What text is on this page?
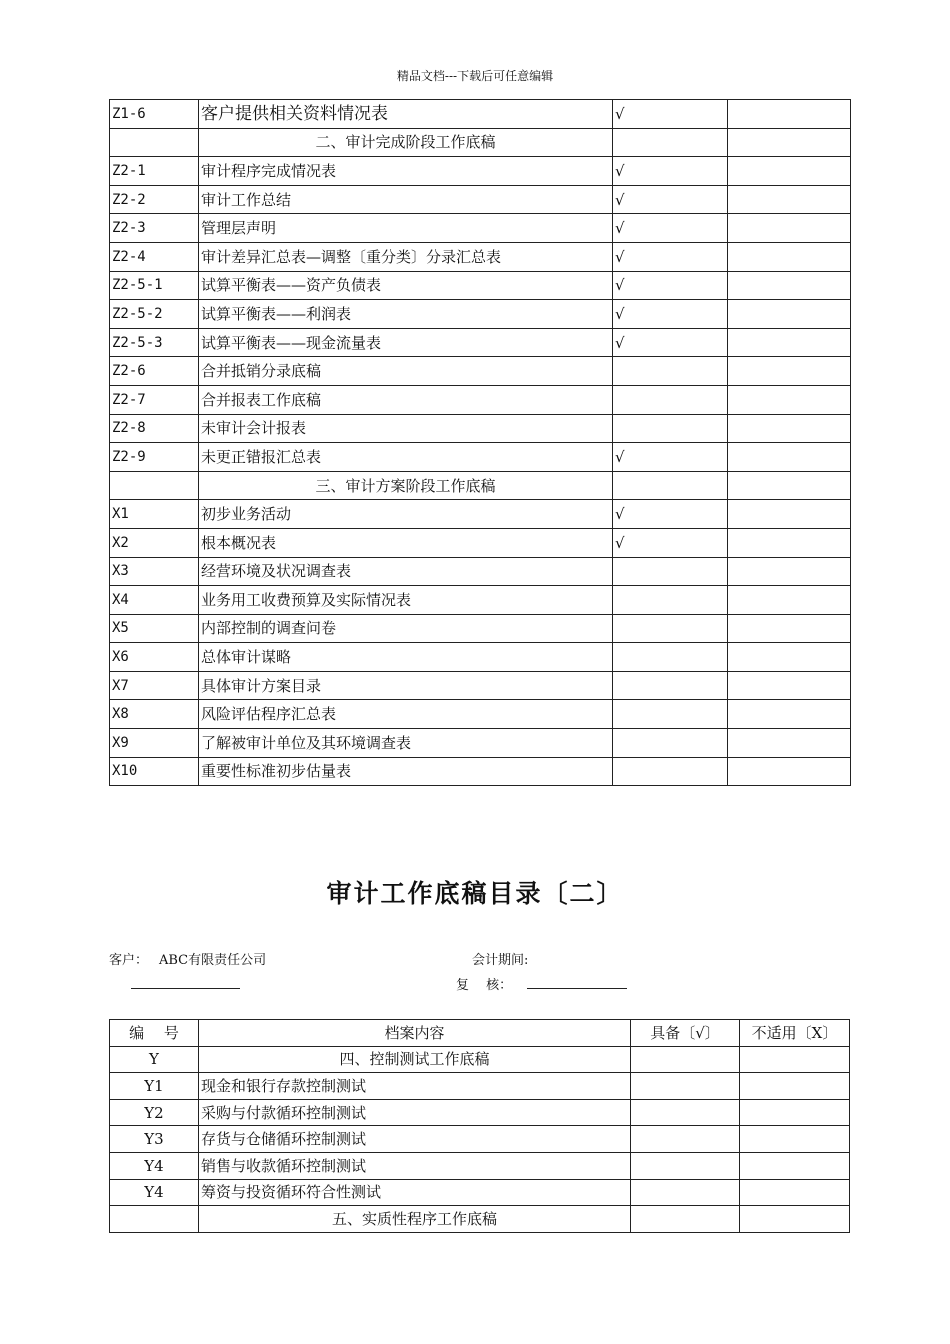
精品文档---下载后可任意编辑
Z1-6	客户提供相关资料情况表	√	
	二、审计完成阶段工作底稿		
Z2-1	审计程序完成情况表	√	
Z2-2	审计工作总结	√	
Z2-3	管理层声明	√	
Z2-4	审计差异汇总表—调整〔重分类〕分录汇总表	√	
Z2-5-1	试算平衡表——资产负债表	√	
Z2-5-2	试算平衡表——利润表	√	
Z2-5-3	试算平衡表——现金流量表	√	
Z2-6	合并抵销分录底稿		
Z2-7	合并报表工作底稿		
Z2-8	未审计会计报表		
Z2-9	未更正错报汇总表	√	
	三、审计方案阶段工作底稿		
X1	初步业务活动	√	
X2	根本概况表	√	
X3	经营环境及状况调查表		
X4	业务用工收费预算及实际情况表		
X5	内部控制的调查问卷		
X6	总体审计谋略		
X7	具体审计方案目录		
X8	风险评估程序汇总表		
X9	了解被审计单位及其环境调查表		
X10	重要性标准初步估量表		
审计工作底稿目录〔二〕
客户： ABC有限责任公司	会计期间:
复　 核：
编　 号	档案内容	具备〔√〕	不适用〔X〕
Y	四、控制测试工作底稿		
Y1	现金和银行存款控制测试		
Y2	采购与付款循环控制测试		
Y3	存货与仓储循环控制测试		
Y4	销售与收款循环控制测试		
Y4	筹资与投资循环符合性测试		
	五、实质性程序工作底稿		
